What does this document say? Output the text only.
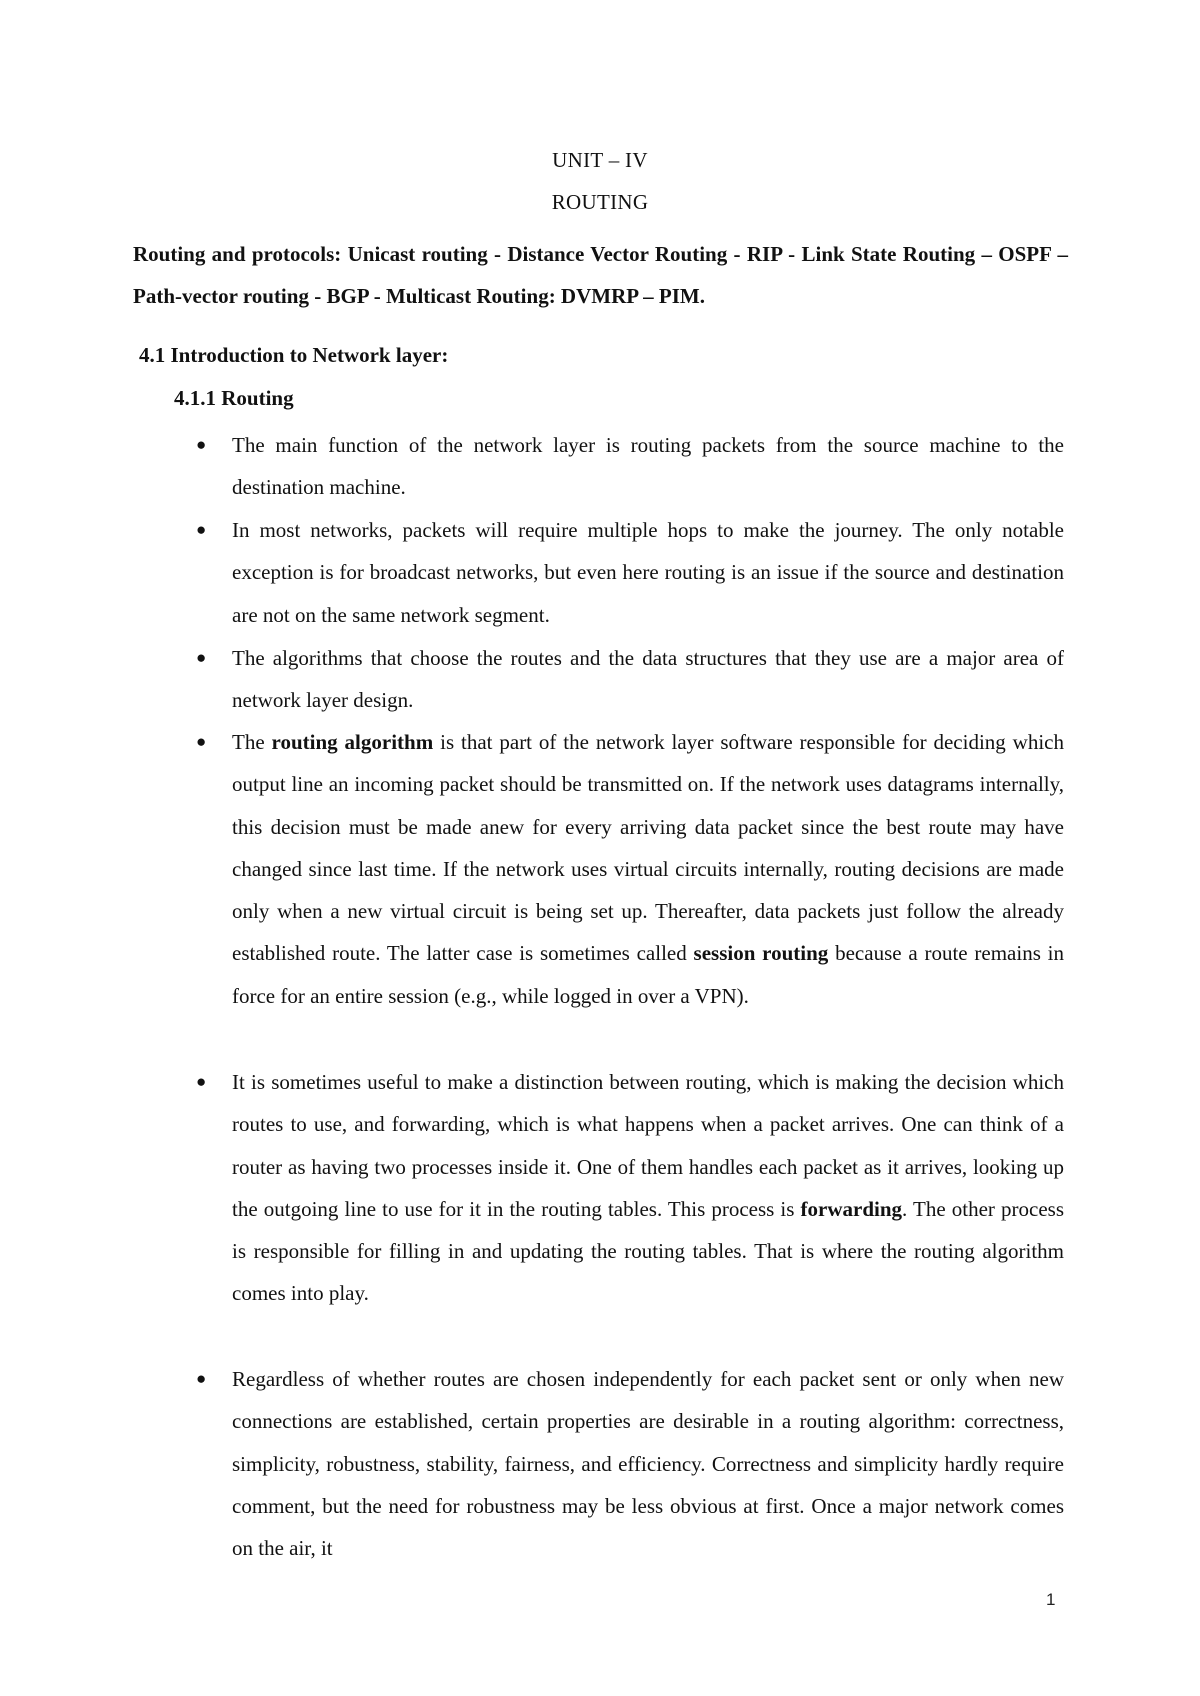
UNIT – IV
ROUTING
Routing and protocols: Unicast routing - Distance Vector Routing - RIP - Link State Routing – OSPF – Path-vector routing - BGP - Multicast Routing: DVMRP – PIM.
4.1 Introduction to Network layer:
4.1.1 Routing
● The main function of the network layer is routing packets from the source machine to the destination machine.
● In most networks, packets will require multiple hops to make the journey. The only notable exception is for broadcast networks, but even here routing is an issue if the source and destination are not on the same network segment.
● The algorithms that choose the routes and the data structures that they use are a major area of network layer design.
● The routing algorithm is that part of the network layer software responsible for deciding which output line an incoming packet should be transmitted on. If the network uses datagrams internally, this decision must be made anew for every arriving data packet since the best route may have changed since last time. If the network uses virtual circuits internally, routing decisions are made only when a new virtual circuit is being set up. Thereafter, data packets just follow the already established route. The latter case is sometimes called session routing because a route remains in force for an entire session (e.g., while logged in over a VPN).
● It is sometimes useful to make a distinction between routing, which is making the decision which routes to use, and forwarding, which is what happens when a packet arrives. One can think of a router as having two processes inside it. One of them handles each packet as it arrives, looking up the outgoing line to use for it in the routing tables. This process is forwarding. The other process is responsible for filling in and updating the routing tables. That is where the routing algorithm comes into play.
● Regardless of whether routes are chosen independently for each packet sent or only when new connections are established, certain properties are desirable in a routing algorithm: correctness, simplicity, robustness, stability, fairness, and efficiency. Correctness and simplicity hardly require comment, but the need for robustness may be less obvious at first. Once a major network comes on the air, it
1
